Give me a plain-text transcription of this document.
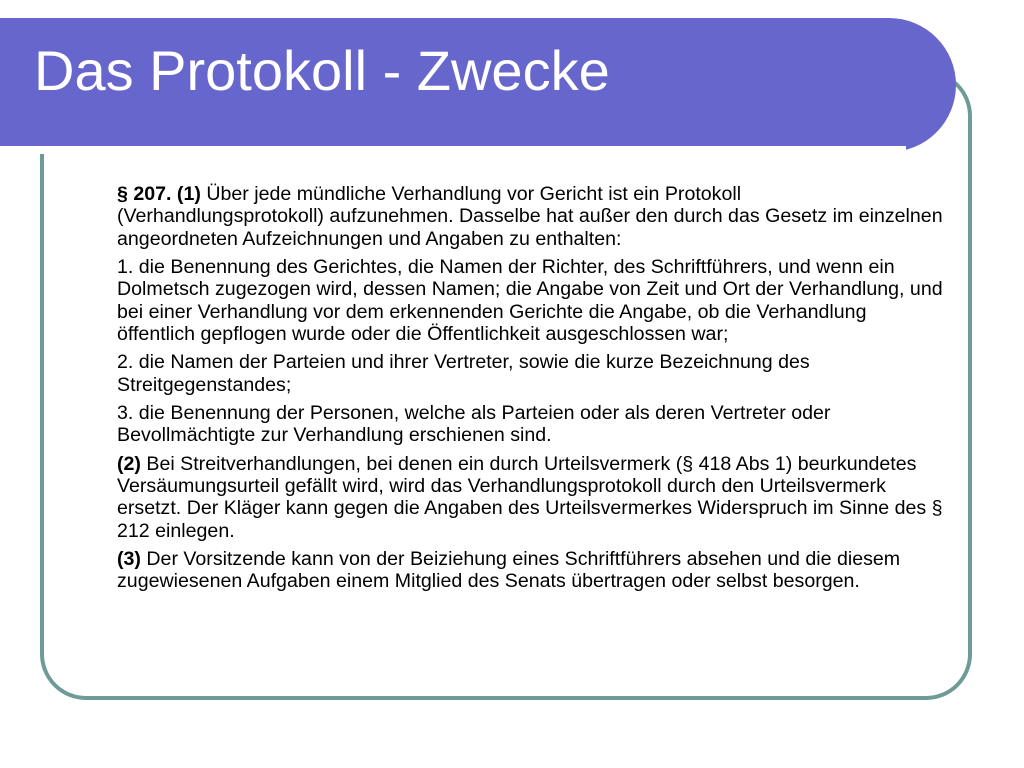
Das Protokoll - Zwecke

§ 207. (1) Über jede mündliche Verhandlung vor Gericht ist ein Protokoll (Verhandlungsprotokoll) aufzunehmen. Dasselbe hat außer den durch das Gesetz im einzelnen angeordneten Aufzeichnungen und Angaben zu enthalten:

1. die Benennung des Gerichtes, die Namen der Richter, des Schriftführers, und wenn ein Dolmetsch zugezogen wird, dessen Namen; die Angabe von Zeit und Ort der Verhandlung, und bei einer Verhandlung vor dem erkennenden Gerichte die Angabe, ob die Verhandlung öffentlich gepflogen wurde oder die Öffentlichkeit ausgeschlossen war;

2. die Namen der Parteien und ihrer Vertreter, sowie die kurze Bezeichnung des Streitgegenstandes;

3. die Benennung der Personen, welche als Parteien oder als deren Vertreter oder Bevollmächtigte zur Verhandlung erschienen sind.

(2) Bei Streitverhandlungen, bei denen ein durch Urteilsvermerk (§ 418 Abs 1) beurkundetes Versäumungsurteil gefällt wird, wird das Verhandlungsprotokoll durch den Urteilsvermerk ersetzt. Der Kläger kann gegen die Angaben des Urteilsvermerkes Widerspruch im Sinne des § 212 einlegen.

(3) Der Vorsitzende kann von der Beiziehung eines Schriftführers absehen und die diesem zugewiesenen Aufgaben einem Mitglied des Senats übertragen oder selbst besorgen.
